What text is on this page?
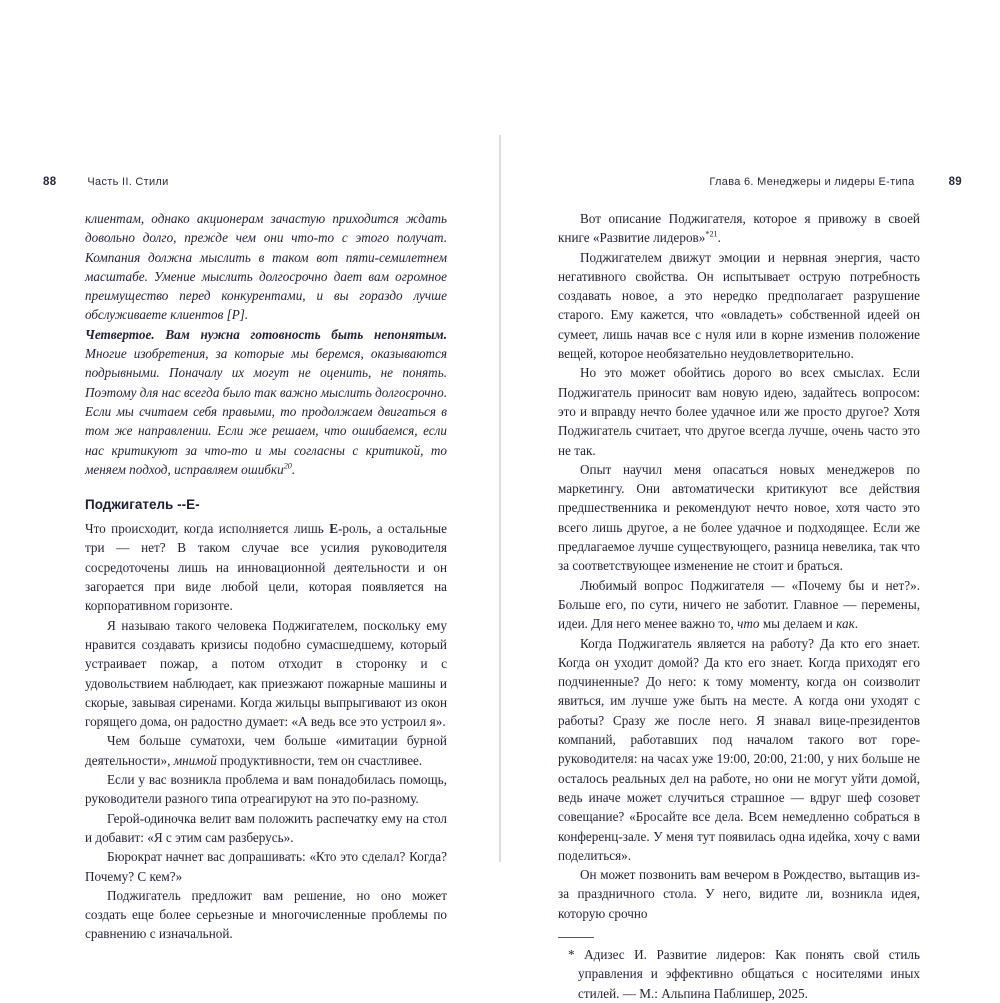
88	Часть II. Стили

клиентам, однако акционерам зачастую приходится ждать довольно долго, прежде чем они что-то с этого получат. Компания должна мыслить в таком вот пяти-семилетнем масштабе. Умение мыслить долгосрочно дает вам огромное преимущество перед конкурентами, и вы гораздо лучше обслуживаете клиентов [P].

Четвертое. Вам нужна готовность быть непонятым. Многие изобретения, за которые мы беремся, оказываются подрывными. Поначалу их могут не оценить, не понять. Поэтому для нас всегда было так важно мыслить долгосрочно. Если мы считаем себя правыми, то продолжаем двигаться в том же направлении. Если же решаем, что ошибаемся, если нас критикуют за что-то и мы согласны с критикой, то меняем подход, исправляем ошибки$^{20}$.

Поджигатель --E-

Что происходит, когда исполняется лишь E-роль, а остальные три — нет? В таком случае все усилия руководителя сосредоточены лишь на инновационной деятельности и он загорается при виде любой цели, которая появляется на корпоративном горизонте.

Я называю такого человека Поджигателем, поскольку ему нравится создавать кризисы подобно сумасшедшему, который устраивает пожар, а потом отходит в сторонку и с удовольствием наблюдает, как приезжают пожарные машины и скорые, завывая сиренами. Когда жильцы выпрыгивают из окон горящего дома, он радостно думает: «А ведь все это устроил я».

Чем больше суматохи, чем больше «имитации бурной деятельности», мнимой продуктивности, тем он счастливее.

Если у вас возникла проблема и вам понадобилась помощь, руководители разного типа отреагируют на это по-разному.

Герой-одиночка велит вам положить распечатку ему на стол и добавит: «Я с этим сам разберусь».

Бюрократ начнет вас допрашивать: «Кто это сделал? Когда? Почему? С кем?»

Поджигатель предложит вам решение, но оно может создать еще более серьезные и многочисленные проблемы по сравнению с изначальной.

Глава 6. Менеджеры и лидеры Е-типа	89

Вот описание Поджигателя, которое я привожу в своей книге «Развитие лидеров»$^{*21}$.

Поджигателем движут эмоции и нервная энергия, часто негативного свойства. Он испытывает острую потребность создавать новое, а это нередко предполагает разрушение старого. Ему кажется, что «овладеть» собственной идеей он сумеет, лишь начав все с нуля или в корне изменив положение вещей, которое необязательно неудовлетворительно.

Но это может обойтись дорого во всех смыслах. Если Поджигатель приносит вам новую идею, задайтесь вопросом: это и вправду нечто более удачное или же просто другое? Хотя Поджигатель считает, что другое всегда лучше, очень часто это не так.

Опыт научил меня опасаться новых менеджеров по маркетингу. Они автоматически критикуют все действия предшественника и рекомендуют нечто новое, хотя часто это всего лишь другое, а не более удачное и подходящее. Если же предлагаемое лучше существующего, разница невелика, так что за соответствующее изменение не стоит и браться.

Любимый вопрос Поджигателя — «Почему бы и нет?». Больше его, по сути, ничего не заботит. Главное — перемены, идеи. Для него менее важно то, что мы делаем и как.

Когда Поджигатель является на работу? Да кто его знает. Когда он уходит домой? Да кто его знает. Когда приходят его подчиненные? До него: к тому моменту, когда он соизволит явиться, им лучше уже быть на месте. А когда они уходят с работы? Сразу же после него. Я знавал вице-президентов компаний, работавших под началом такого вот горе-руководителя: на часах уже 19:00, 20:00, 21:00, у них больше не осталось реальных дел на работе, но они не могут уйти домой, ведь иначе может случиться страшное — вдруг шеф созовет совещание? «Бросайте все дела. Всем немедленно собраться в конференц-зале. У меня тут появилась одна идейка, хочу с вами поделиться».

Он может позвонить вам вечером в Рождество, вытащив из-за праздничного стола. У него, видите ли, возникла идея, которую срочно

* Адизес И. Развитие лидеров: Как понять свой стиль управления и эффективно общаться с носителями иных стилей. — М.: Альпина Паблишер, 2025.
